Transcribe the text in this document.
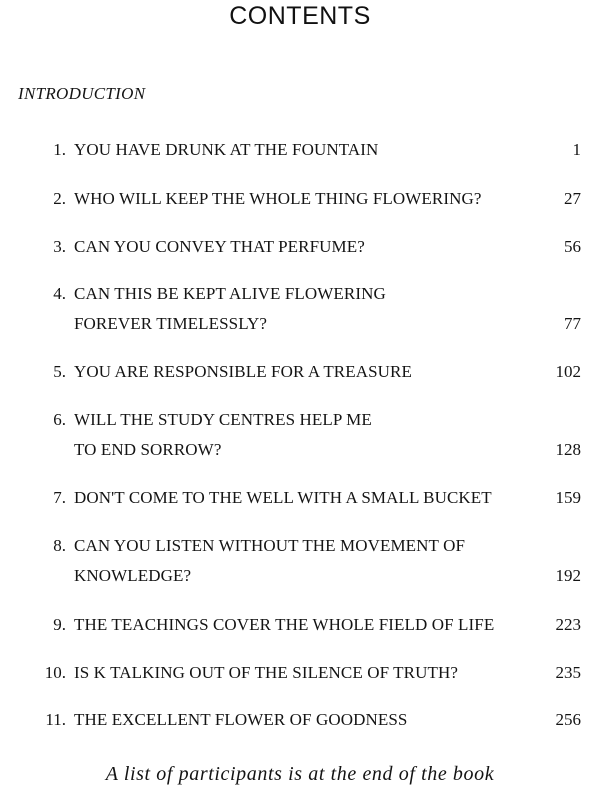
CONTENTS
INTRODUCTION
1. YOU HAVE DRUNK AT THE FOUNTAIN	1
2. WHO WILL KEEP THE WHOLE THING FLOWERING?	27
3. CAN YOU CONVEY THAT PERFUME?	56
4. CAN THIS BE KEPT ALIVE FLOWERING
FOREVER TIMELESSLY?	77
5. YOU ARE RESPONSIBLE FOR A TREASURE	102
6. WILL THE STUDY CENTRES HELP ME
TO END SORROW?	128
7. DON'T COME TO THE WELL WITH A SMALL BUCKET	159
8. CAN YOU LISTEN WITHOUT THE MOVEMENT OF
KNOWLEDGE?	192
9. THE TEACHINGS COVER THE WHOLE FIELD OF LIFE	223
10. IS K TALKING OUT OF THE SILENCE OF TRUTH?	235
11. THE EXCELLENT FLOWER OF GOODNESS	256
A list of participants is at the end of the book
